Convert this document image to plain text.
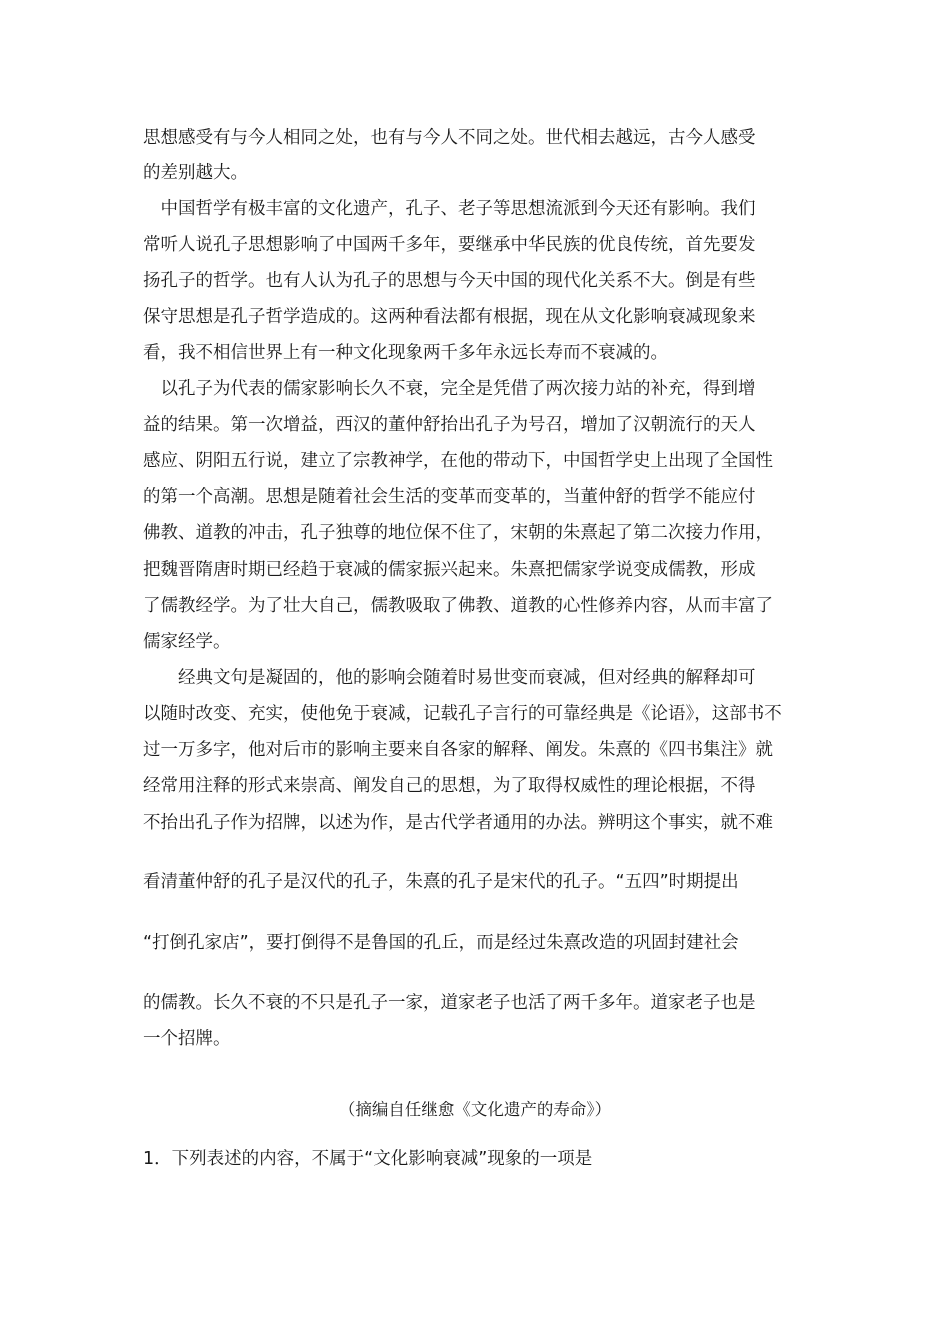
思想感受有与今人相同之处，也有与今人不同之处。世代相去越远，古今人感受
的差别越大。
　中国哲学有极丰富的文化遗产，孔子、老子等思想流派到今天还有影响。我们
常听人说孔子思想影响了中国两千多年，要继承中华民族的优良传统，首先要发
扬孔子的哲学。也有人认为孔子的思想与今天中国的现代化关系不大。倒是有些
保守思想是孔子哲学造成的。这两种看法都有根据，现在从文化影响衰减现象来
看，我不相信世界上有一种文化现象两千多年永远长寿而不衰减的。
　以孔子为代表的儒家影响长久不衰，完全是凭借了两次接力站的补充，得到增
益的结果。第一次增益，西汉的董仲舒抬出孔子为号召，增加了汉朝流行的天人
感应、阴阳五行说，建立了宗教神学，在他的带动下，中国哲学史上出现了全国性
的第一个高潮。思想是随着社会生活的变革而变革的，当董仲舒的哲学不能应付
佛教、道教的冲击，孔子独尊的地位保不住了，宋朝的朱熹起了第二次接力作用，
把魏晋隋唐时期已经趋于衰减的儒家振兴起来。朱熹把儒家学说变成儒教，形成
了儒教经学。为了壮大自己，儒教吸取了佛教、道教的心性修养内容，从而丰富了
儒家经学。
　　经典文句是凝固的，他的影响会随着时易世变而衰减，但对经典的解释却可
以随时改变、充实，使他免于衰减，记载孔子言行的可靠经典是《论语》，这部书不
过一万多字，他对后市的影响主要来自各家的解释、阐发。朱熹的《四书集注》就
经常用注释的形式来崇高、阐发自己的思想，为了取得权威性的理论根据，不得
不抬出孔子作为招牌，以述为作，是古代学者通用的办法。辨明这个事实，就不难
看清董仲舒的孔子是汉代的孔子，朱熹的孔子是宋代的孔子。“五四”时期提出
“打倒孔家店”，要打倒得不是鲁国的孔丘，而是经过朱熹改造的巩固封建社会
的儒教。长久不衰的不只是孔子一家，道家老子也活了两千多年。道家老子也是
一个招牌。
（摘编自任继愈《文化遗产的寿命》）
1．下列表述的内容，不属于“文化影响衰减”现象的一项是
